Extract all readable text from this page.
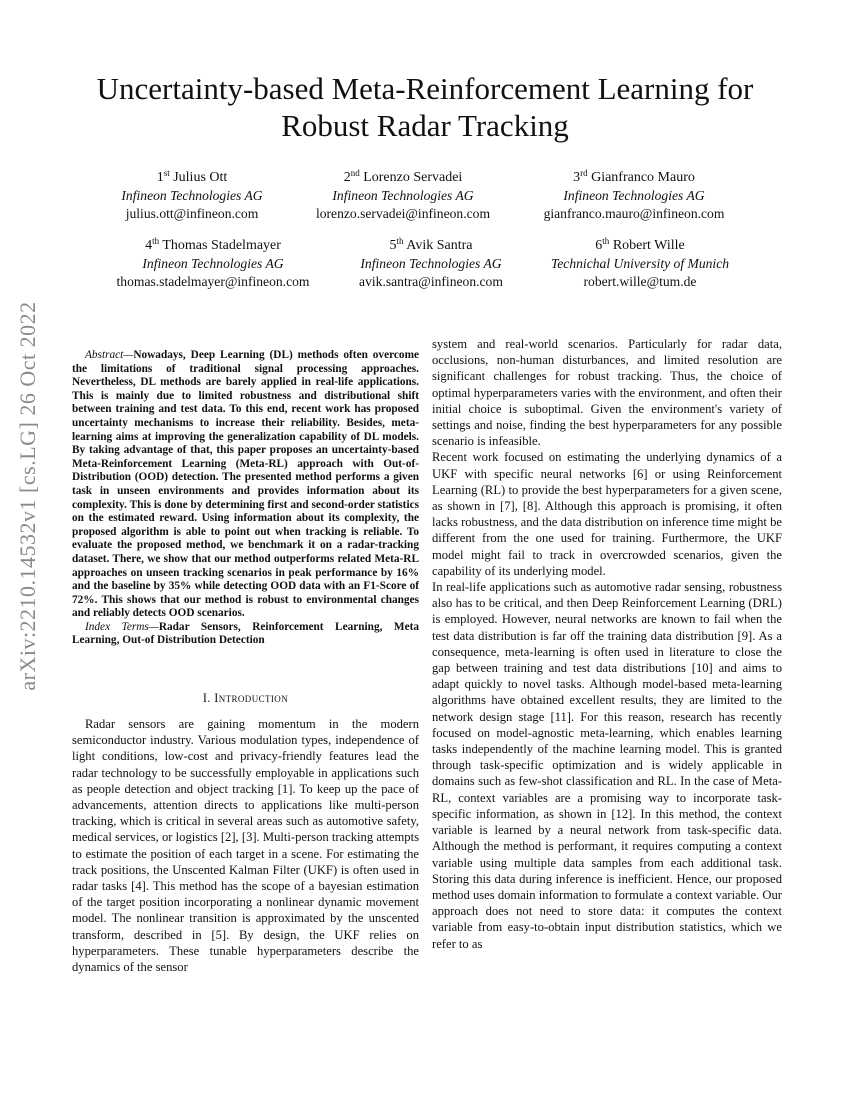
arXiv:2210.14532v1 [cs.LG] 26 Oct 2022
Uncertainty-based Meta-Reinforcement Learning for
Robust Radar Tracking
1st Julius Ott
Infineon Technologies AG
julius.ott@infineon.com
2nd Lorenzo Servadei
Infineon Technologies AG
lorenzo.servadei@infineon.com
3rd Gianfranco Mauro
Infineon Technologies AG
gianfranco.mauro@infineon.com
4th Thomas Stadelmayer
Infineon Technologies AG
thomas.stadelmayer@infineon.com
5th Avik Santra
Infineon Technologies AG
avik.santra@infineon.com
6th Robert Wille
Technichal University of Munich
robert.wille@tum.de
Abstract—Nowadays, Deep Learning (DL) methods often overcome the limitations of traditional signal processing approaches. Nevertheless, DL methods are barely applied in real-life applications. This is mainly due to limited robustness and distributional shift between training and test data. To this end, recent work has proposed uncertainty mechanisms to increase their reliability. Besides, meta-learning aims at improving the generalization capability of DL models. By taking advantage of that, this paper proposes an uncertainty-based Meta-Reinforcement Learning (Meta-RL) approach with Out-of-Distribution (OOD) detection. The presented method performs a given task in unseen environments and provides information about its complexity. This is done by determining first and second-order statistics on the estimated reward. Using information about its complexity, the proposed algorithm is able to point out when tracking is reliable. To evaluate the proposed method, we benchmark it on a radar-tracking dataset. There, we show that our method outperforms related Meta-RL approaches on unseen tracking scenarios in peak performance by 16% and the baseline by 35% while detecting OOD data with an F1-Score of 72%. This shows that our method is robust to environmental changes and reliably detects OOD scenarios.
Index Terms—Radar Sensors, Reinforcement Learning, Meta Learning, Out-of Distribution Detection
I. Introduction

Radar sensors are gaining momentum in the modern semiconductor industry. Various modulation types, independence of light conditions, low-cost and privacy-friendly features lead the radar technology to be successfully employable in applications such as people detection and object tracking [1]. To keep up the pace of advancements, attention directs to applications like multi-person tracking, which is critical in several areas such as automotive safety, medical services, or logistics [2], [3]. Multi-person tracking attempts to estimate the position of each target in a scene. For estimating the track positions, the Unscented Kalman Filter (UKF) is often used in radar tasks [4]. This method has the scope of a bayesian estimation of the target position incorporating a nonlinear dynamic movement model. The nonlinear transition is approximated by the unscented transform, described in [5]. By design, the UKF relies on hyperparameters. These tunable hyperparameters describe the dynamics of the sensor

system and real-world scenarios. Particularly for radar data, occlusions, non-human disturbances, and limited resolution are significant challenges for robust tracking. Thus, the choice of optimal hyperparameters varies with the environment, and often their initial choice is suboptimal. Given the environment's variety of settings and noise, finding the best hyperparameters for any possible scenario is infeasible.

Recent work focused on estimating the underlying dynamics of a UKF with specific neural networks [6] or using Reinforcement Learning (RL) to provide the best hyperparameters for a given scene, as shown in [7], [8]. Although this approach is promising, it often lacks robustness, and the data distribution on inference time might be different from the one used for training. Furthermore, the UKF model might fail to track in overcrowded scenarios, given the capability of its underlying model.

In real-life applications such as automotive radar sensing, robustness also has to be critical, and then Deep Reinforcement Learning (DRL) is employed. However, neural networks are known to fail when the test data distribution is far off the training data distribution [9]. As a consequence, meta-learning is often used in literature to close the gap between training and test data distributions [10] and aims to adapt quickly to novel tasks. Although model-based meta-learning algorithms have obtained excellent results, they are limited to the network design stage [11]. For this reason, research has recently focused on model-agnostic meta-learning, which enables learning tasks independently of the machine learning model. This is granted through task-specific optimization and is widely applicable in domains such as few-shot classification and RL. In the case of Meta-RL, context variables are a promising way to incorporate task-specific information, as shown in [12]. In this method, the context variable is learned by a neural network from task-specific data. Although the method is performant, it requires computing a context variable using multiple data samples from each additional task. Storing this data during inference is inefficient. Hence, our proposed method uses domain information to formulate a context variable. Our approach does not need to store data: it computes the context variable from easy-to-obtain input distribution statistics, which we refer to as
